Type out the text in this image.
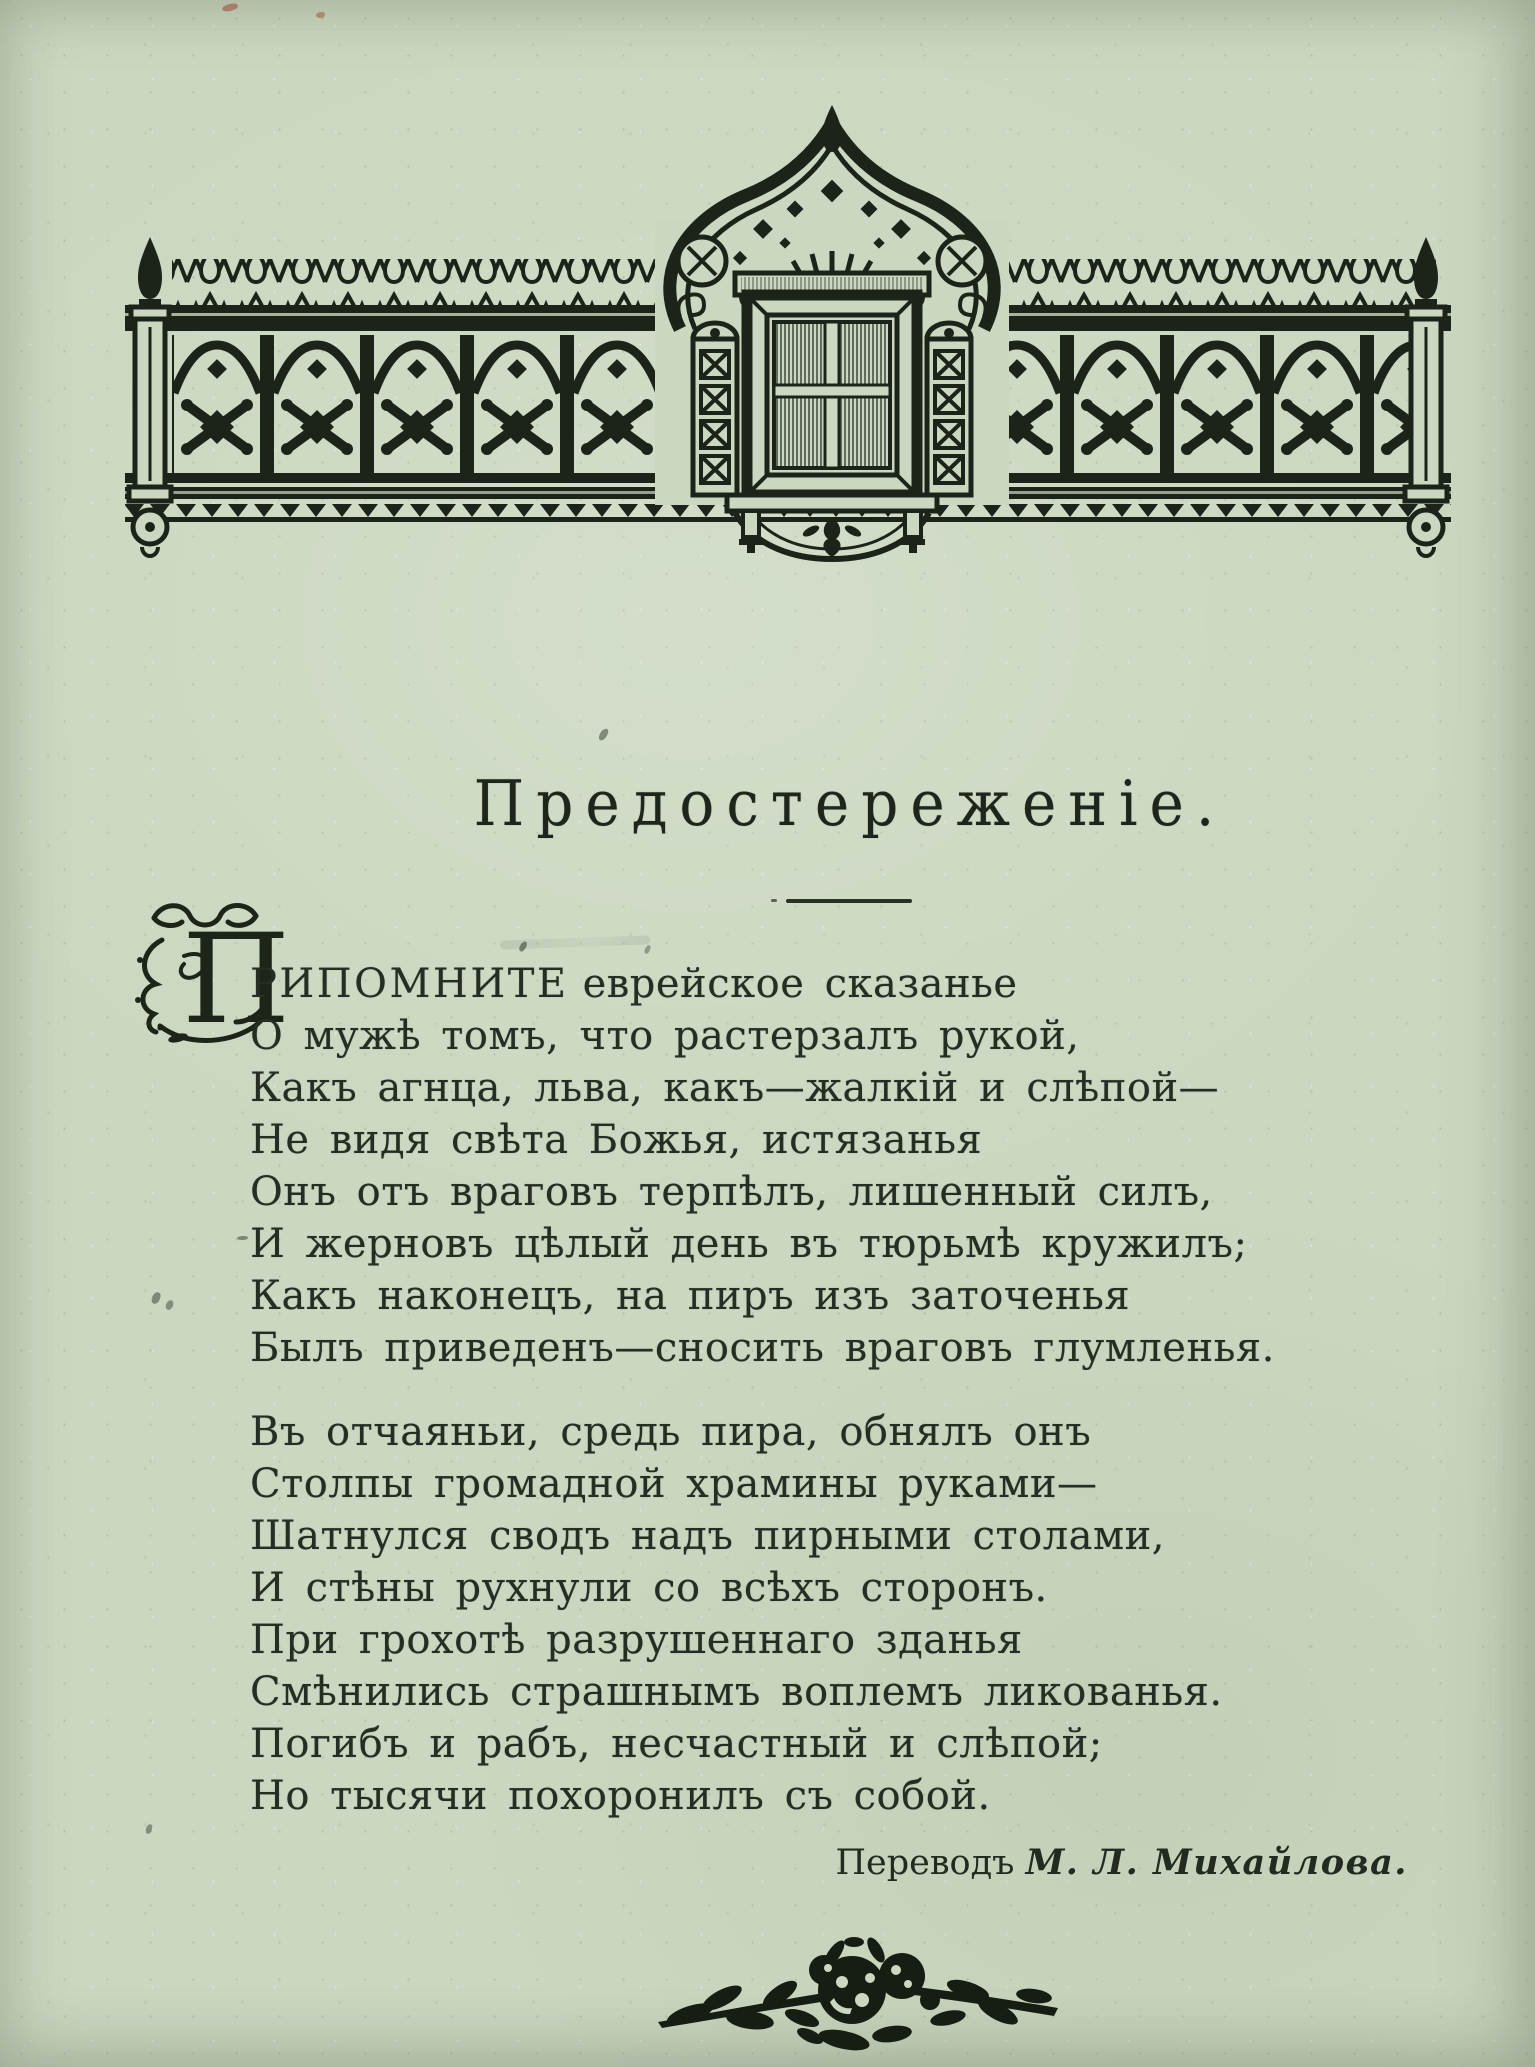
Предостереженіе.
П
РИПОМНИТЕ еврейское сказанье
О мужѣ томъ, что растерзалъ рукой,
Какъ агнца, льва, какъ—жалкій и слѣпой—
Не видя свѣта Божья, истязанья
Онъ отъ враговъ терпѣлъ, лишенный силъ,
И жерновъ цѣлый день въ тюрьмѣ кружилъ;
Какъ наконецъ, на пиръ изъ заточенья
Былъ приведенъ—сносить враговъ глумленья.
Въ отчаяньи, средь пира, обнялъ онъ
Столпы громадной храмины руками—
Шатнулся сводъ надъ пирными столами,
И стѣны рухнули со всѣхъ сторонъ.
При грохотѣ разрушеннаго зданья
Смѣнились страшнымъ воплемъ ликованья.
Погибъ и рабъ, несчастный и слѣпой;
Но тысячи похоронилъ съ собой.
Переводъ М. Л. Михайлова.
